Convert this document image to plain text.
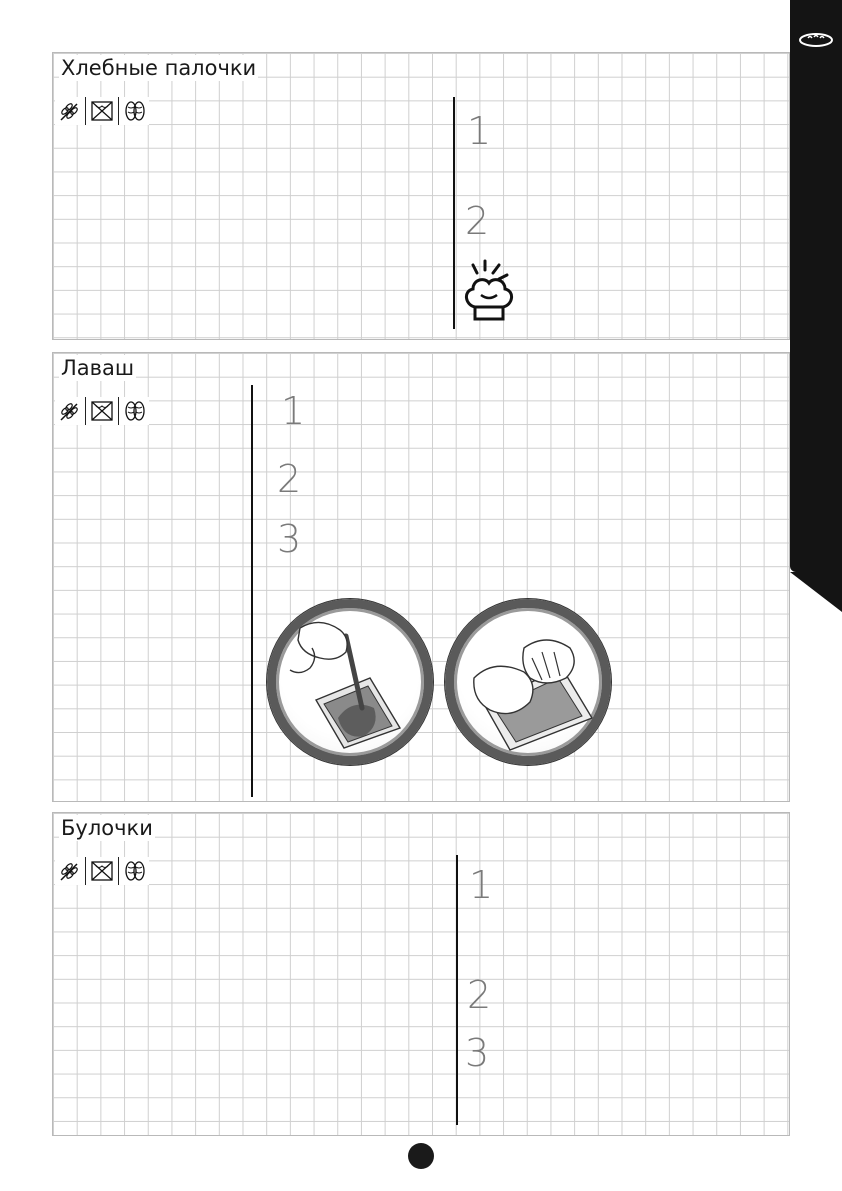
Хлебные палочки
1
2
Лаваш
1
2
3
Булочки
1
2
3
